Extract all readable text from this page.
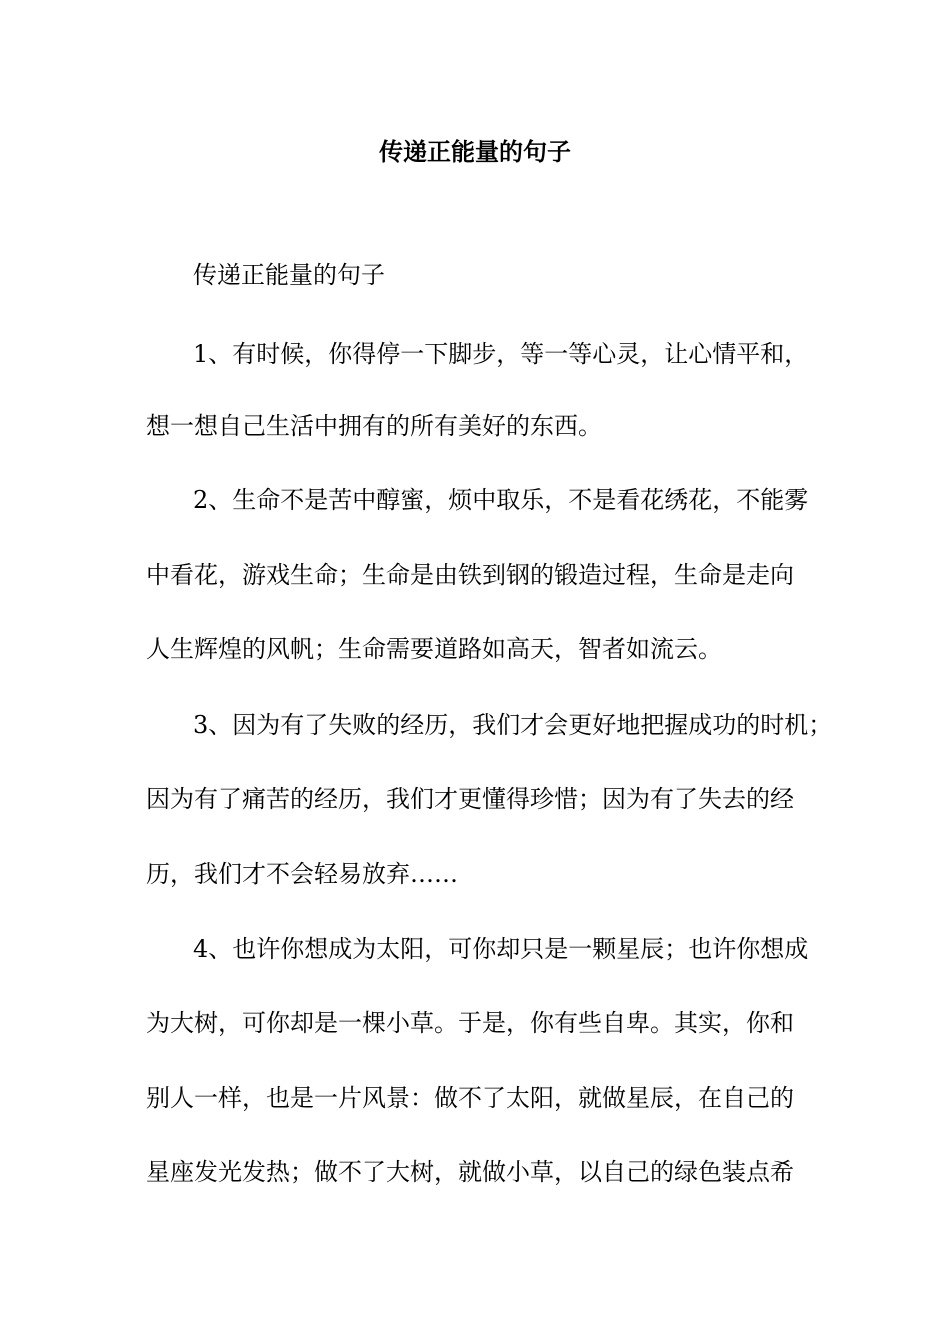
传递正能量的句子

传递正能量的句子

1、有时候，你得停一下脚步，等一等心灵，让心情平和，

想一想自己生活中拥有的所有美好的东西。

2、生命不是苦中醇蜜，烦中取乐，不是看花绣花，不能雾

中看花，游戏生命；生命是由铁到钢的锻造过程，生命是走向

人生辉煌的风帆；生命需要道路如高天，智者如流云。

3、因为有了失败的经历，我们才会更好地把握成功的时机；

因为有了痛苦的经历，我们才更懂得珍惜；因为有了失去的经

历，我们才不会轻易放弃……

4、也许你想成为太阳，可你却只是一颗星辰；也许你想成

为大树，可你却是一棵小草。于是，你有些自卑。其实，你和

别人一样，也是一片风景：做不了太阳，就做星辰，在自己的

星座发光发热；做不了大树，就做小草，以自己的绿色装点希
